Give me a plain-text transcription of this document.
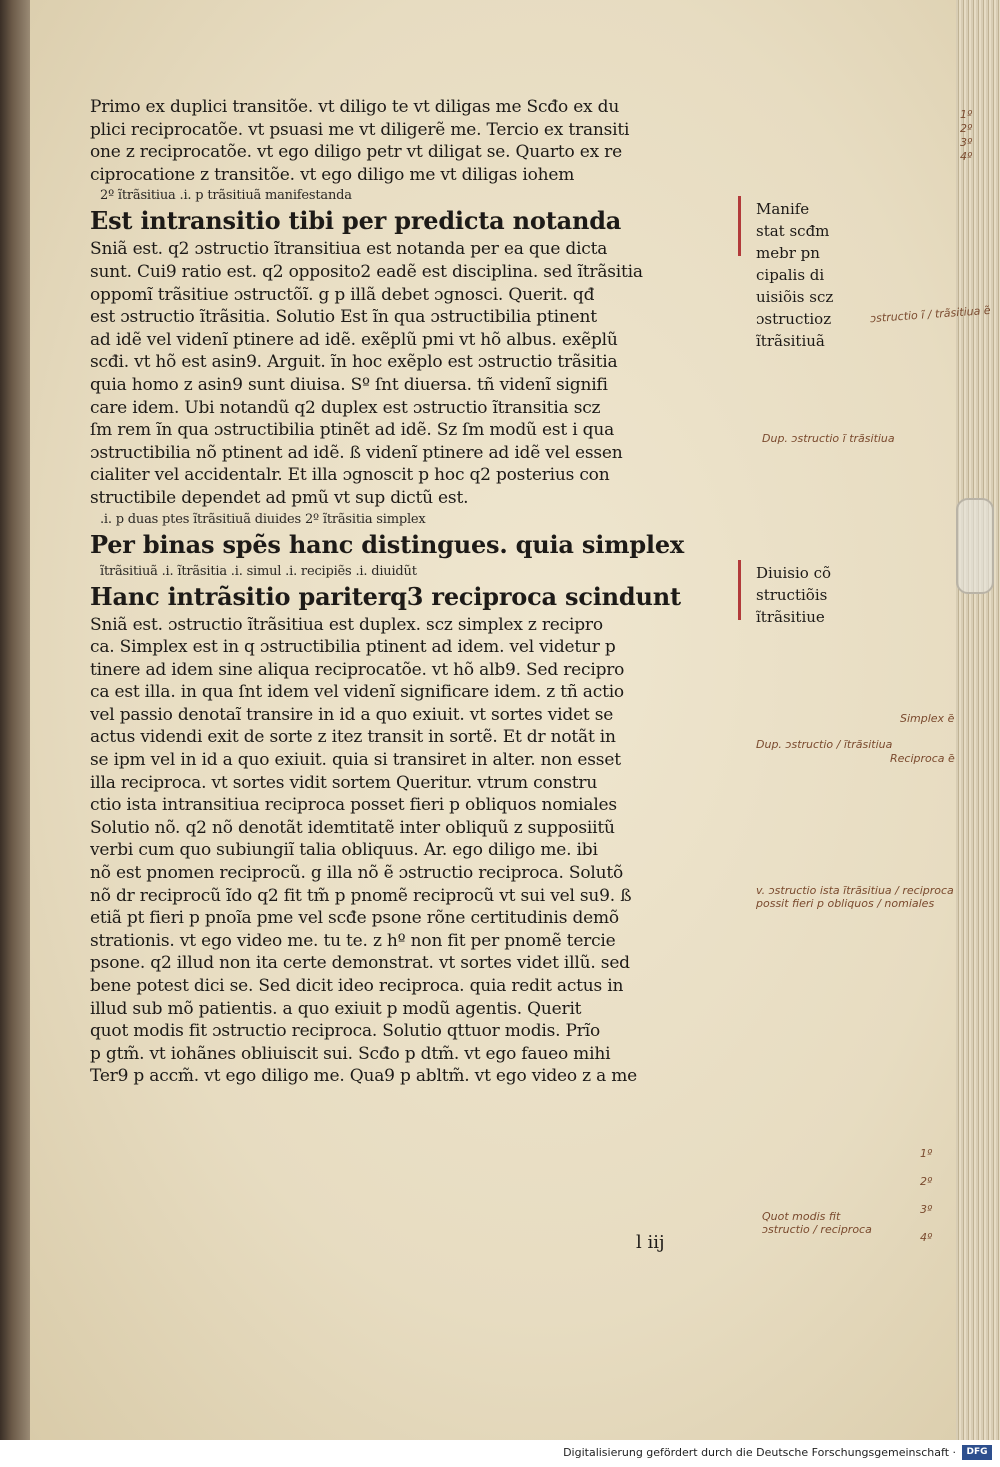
Primo ex duplici transitõe. vt diligo te vt diligas me Scđo ex du
plici reciprocatõe. vt psuasi me vt diligerẽ me. Tercio ex transiti
one z reciprocatõe. vt ego diligo petr vt diligat se. Quarto ex re
ciprocatione z transitõe. vt ego diligo me vt diligas iohem
2º ĩtrãsitiua .i. p trãsitiuã manifestanda
Est intransitio tibi per predicta notanda
Sniã est. q2 ɔstructio ĩtransitiua est notanda per ea que dicta
sunt. Cui9 ratio est. q2 opposito2 eadẽ est disciplina. sed ĩtrãsitia
oppomĩ trãsitiue ɔstructõĩ. g p illã debet ɔgnosci. Querit. qđ
est ɔstructio ĩtrãsitia. Solutio Est ĩn qua ɔstructibilia ptinent
ad idẽ vel videnĩ ptinere ad idẽ. exẽplũ pmi vt hõ albus. exẽplũ
scđi. vt hõ est asin9. Arguit. ĩn hoc exẽplo est ɔstructio trãsitia
quia homo z asin9 sunt diuisa. Sº ſnt diuersa. tñ videnĩ signifi
care idem. Ubi notandũ q2 duplex est ɔstructio ĩtransitia scz
ſm rem ĩn qua ɔstructibilia ptinẽt ad idẽ. Sz ſm modũ est i qua
ɔstructibilia nõ ptinent ad idẽ. ß videnĩ ptinere ad idẽ vel essen
cialiter vel accidentalr. Et illa ɔgnoscit p hoc q2 posterius con
structibile dependet ad pmũ vt sup dictũ est.
.i. p duas ptes ĩtrãsitiuã diuides 2º ĩtrãsitia simplex
Per binas spẽs hanc distingues. quia simplex
ĩtrãsitiuã .i. ĩtrãsitia .i. simul .i. recipiẽs .i. diuidũt
Hanc intrãsitio pariterq3 reciproca scindunt
Sniã est. ɔstructio ĩtrãsitiua est duplex. scz simplex z recipro
ca. Simplex est in q ɔstructibilia ptinent ad idem. vel videtur p
tinere ad idem sine aliqua reciprocatõe. vt hõ alb9. Sed recipro
ca est illa. in qua ſnt idem vel videnĩ significare idem. z tñ actio
vel passio denotaĩ transire in id a quo exiuit. vt sortes videt se
actus videndi exit de sorte z itez transit in sortẽ. Et dr notãt in
se ipm vel in id a quo exiuit. quia si transiret in alter. non esset
illa reciproca. vt sortes vidit sortem Queritur. vtrum constru
ctio ista intransitiua reciproca posset fieri p obliquos nomiales
Solutio nõ. q2 nõ denotãt idemtitatẽ inter obliquũ z supposiitũ
verbi cum quo subiungiĩ talia obliquus. Ar. ego diligo me. ibi
nõ est pnomen reciprocũ. g illa nõ ẽ ɔstructio reciproca. Solutõ
nõ dr reciprocũ ĩdo q2 fit tm̃ p pnomẽ reciprocũ vt sui vel su9. ß
etiã pt fieri p pnoĩa pme vel scđe psone rõne certitudinis demõ
strationis. vt ego video me. tu te. z hº non fit per pnomẽ tercie
psone. q2 illud non ita certe demonstrat. vt sortes videt illũ. sed
bene potest dici se. Sed dicit ideo reciproca. quia redit actus in
illud sub mõ patientis. a quo exiuit p modũ agentis. Querit
quot modis fit ɔstructio reciproca. Solutio qttuor modis. Prĩo
p gtm̃. vt iohãnes obliuiscit sui. Scđo p dtm̃. vt ego faueo mihi
Ter9 p accm̃. vt ego diligo me. Qua9 p abltm̃. vt ego video z a me
l iij
Manife
stat scđm
mebr pn
cipalis di
uisiõis scz
ɔstructioz
ĩtrãsitiuã
Diuisio cõ
structiõis
ĩtrãsitiue
ɔstructio ĩ / trãsitiua ẽ
Dup. ɔstructio ĩ trãsitiua
Dup. ɔstructio / ĩtrãsitiua
Simplex ẽ
Reciproca ẽ
v. ɔstructio ista ĩtrãsitiua / reciproca possit fieri p obliquos / nomiales
Quot modis fit ɔstructio / reciproca
1º
2º
3º
4º
1º
2º
3º
4º
Digitalisierung gefördert durch die Deutsche Forschungsgemeinschaft ·	DFG
